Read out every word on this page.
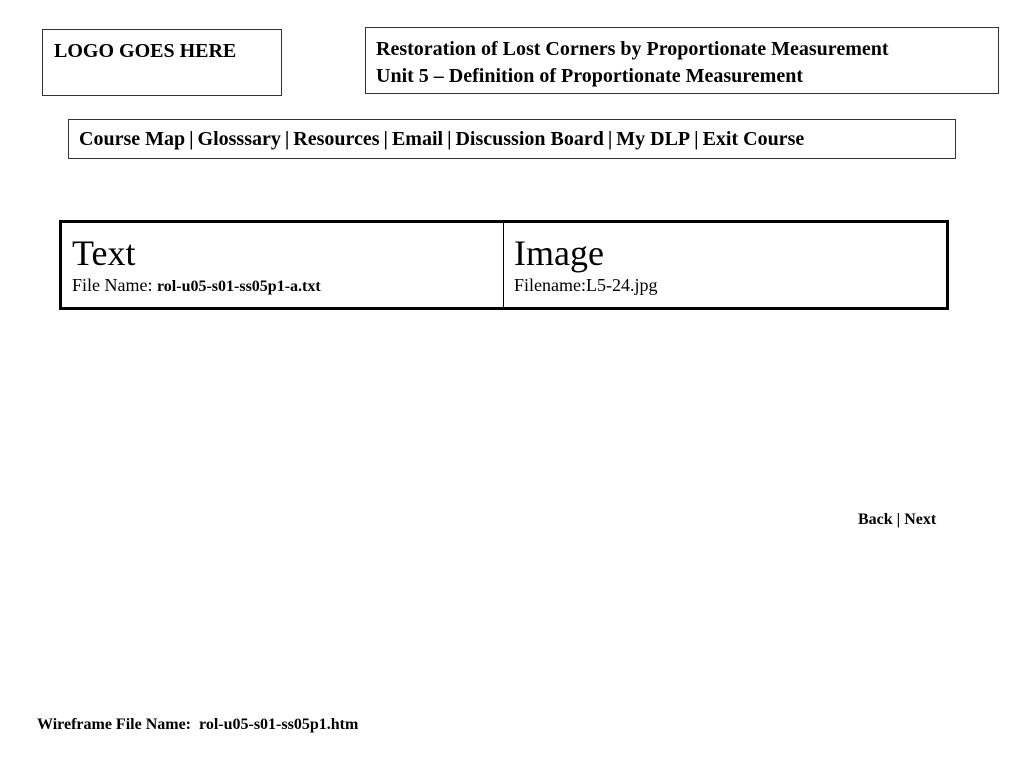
LOGO GOES HERE	Restoration of Lost Corners by Proportionate Measurement
Unit 5 – Definition of Proportionate Measurement
Course Map | Glosssary | Resources | Email | Discussion Board | My DLP | Exit Course
Text
File Name: rol-u05-s01-ss05p1-a.txt
Image
Filename:L5-24.jpg
Back | Next
Wireframe File Name:  rol-u05-s01-ss05p1.htm
